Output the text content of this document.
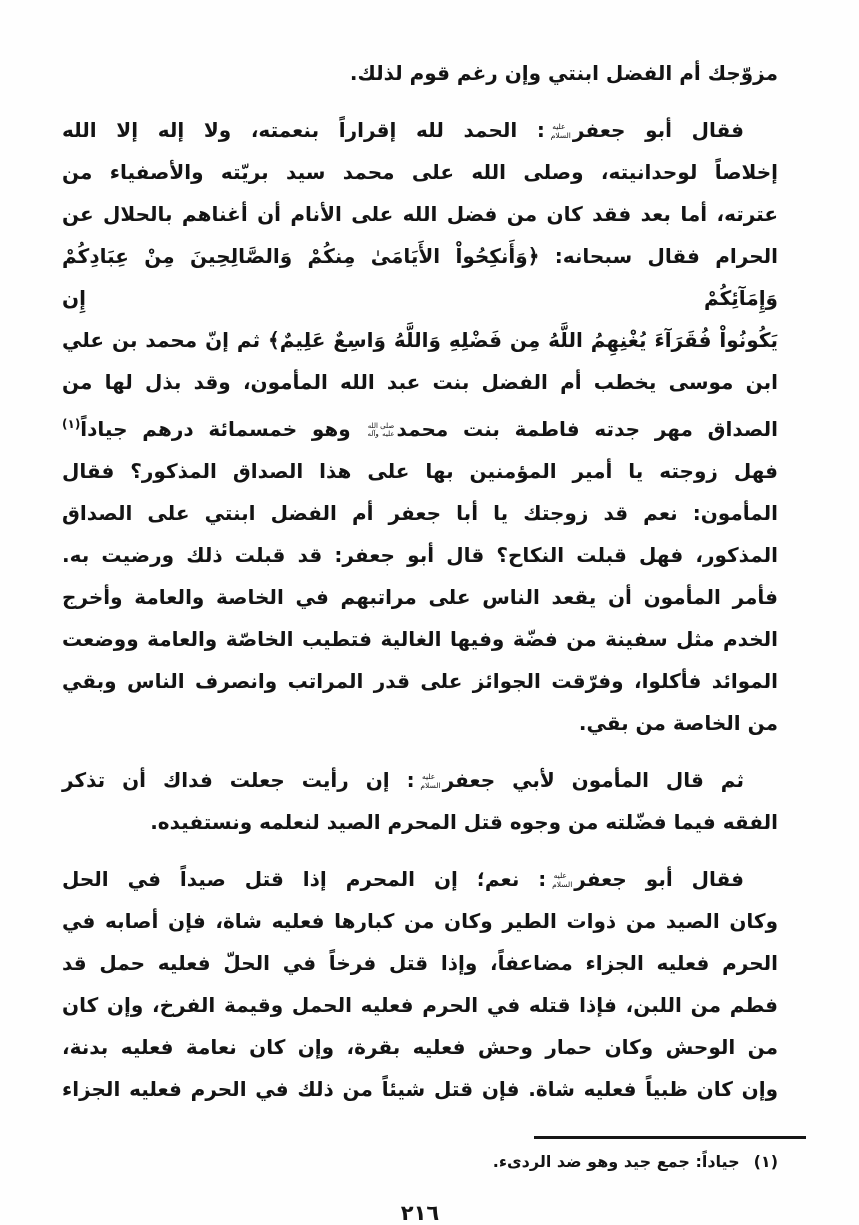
مزوّجك أم الفضل ابنتي وإن رغم قوم لذلك.
فقال أبو جعفرعليه السلام: الحمد لله إقراراً بنعمته، ولا إله إلا الله
إخلاصاً لوحدانيته، وصلى الله على محمد سيد بريّته والأصفياء من
عترته، أما بعد فقد كان من فضل الله على الأنام أن أغناهم بالحلال عن
الحرام فقال سبحانه: ﴿وَأَنكِحُواْ الأَيَامَىٰ مِنكُمْ وَالصَّالِحِينَ مِنْ عِبَادِكُمْ وَإِمَآئِكُمْ إِن
يَكُونُواْ فُقَرَآءَ يُغْنِهِمُ اللَّهُ مِن فَضْلِهِ وَاللَّهُ وَاسِعٌ عَلِيمٌ﴾ ثم إنّ محمد بن علي
ابن موسى يخطب أم الفضل بنت عبد الله المأمون، وقد بذل لها من
الصداق مهر جدته فاطمة بنت محمدصلى الله عليه وآله وهو خمسمائة درهم جياداً$^{(١)}$
فهل زوجته يا أمير المؤمنين بها على هذا الصداق المذكور؟ فقال
المأمون: نعم قد زوجتك يا أبا جعفر أم الفضل ابنتي على الصداق
المذكور، فهل قبلت النكاح؟ قال أبو جعفر: قد قبلت ذلك ورضيت به.
فأمر المأمون أن يقعد الناس على مراتبهم في الخاصة والعامة وأخرج
الخدم مثل سفينة من فضّة وفيها الغالية فتطيب الخاصّة والعامة ووضعت
الموائد فأكلوا، وفرّقت الجوائز على قدر المراتب وانصرف الناس وبقي
من الخاصة من بقي.
ثم قال المأمون لأبي جعفرعليه السلام: إن رأيت جعلت فداك أن تذكر
الفقه فيما فضّلته من وجوه قتل المحرم الصيد لنعلمه ونستفيده.
فقال أبو جعفرعليه السلام: نعم؛ إن المحرم إذا قتل صيداً في الحل
وكان الصيد من ذوات الطير وكان من كبارها فعليه شاة، فإن أصابه في
الحرم فعليه الجزاء مضاعفاً، وإذا قتل فرخاً في الحلّ فعليه حمل قد
فطم من اللبن، فإذا قتله في الحرم فعليه الحمل وقيمة الفرخ، وإن كان
من الوحش وكان حمار وحش فعليه بقرة، وإن كان نعامة فعليه بدنة،
وإن كان ظبياً فعليه شاة. فإن قتل شيئاً من ذلك في الحرم فعليه الجزاء
(١)جياداً: جمع جيد وهو ضد الردىء.
٢١٦
